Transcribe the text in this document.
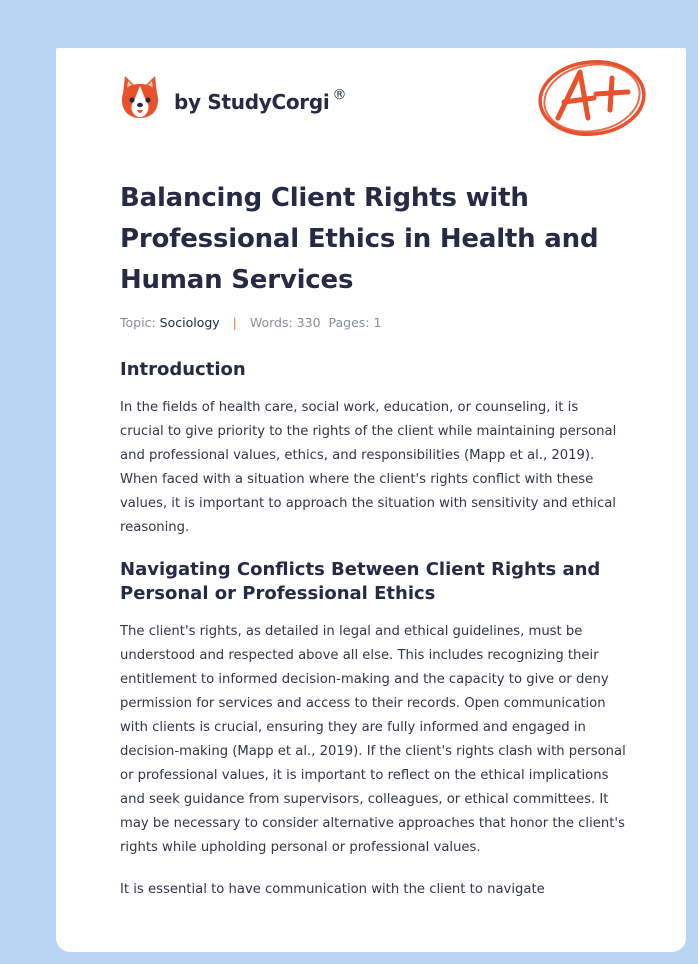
by StudyCorgi ®
Balancing Client Rights with Professional Ethics in Health and Human Services
Topic: Sociology | Words: 330 Pages: 1
Introduction

In the fields of health care, social work, education, or counseling, it is crucial to give priority to the rights of the client while maintaining personal and professional values, ethics, and responsibilities (Mapp et al., 2019). When faced with a situation where the client's rights conflict with these values, it is important to approach the situation with sensitivity and ethical reasoning.

Navigating Conflicts Between Client Rights and Personal or Professional Ethics

The client's rights, as detailed in legal and ethical guidelines, must be understood and respected above all else. This includes recognizing their entitlement to informed decision-making and the capacity to give or deny permission for services and access to their records. Open communication with clients is crucial, ensuring they are fully informed and engaged in decision-making (Mapp et al., 2019). If the client's rights clash with personal or professional values, it is important to reflect on the ethical implications and seek guidance from supervisors, colleagues, or ethical committees. It may be necessary to consider alternative approaches that honor the client's rights while upholding personal or professional values.

It is essential to have communication with the client to navigate
